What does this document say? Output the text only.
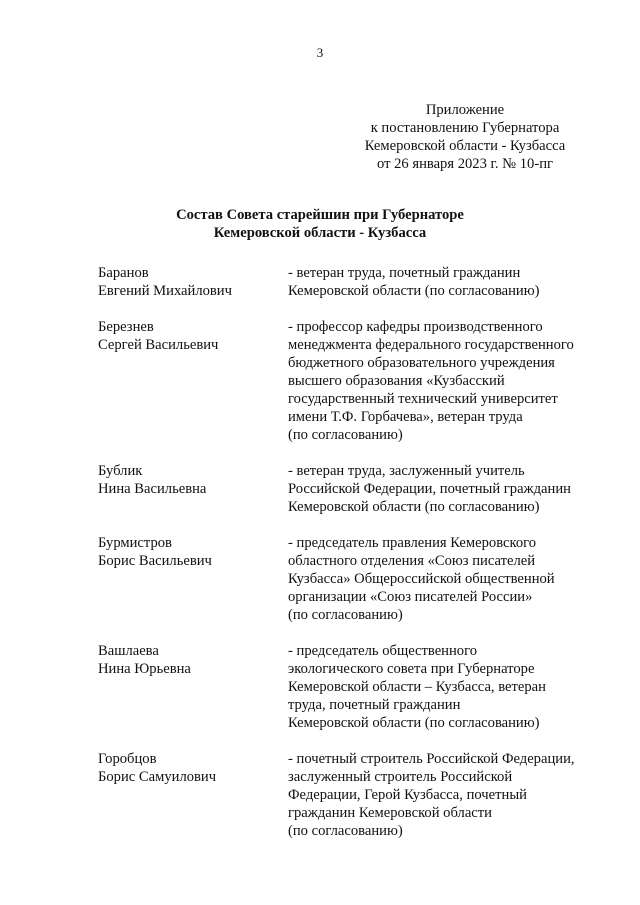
3
Приложение
к постановлению Губернатора
Кемеровской области - Кузбасса
от 26 января 2023 г. № 10-пг
Состав Совета старейшин при Губернаторе
Кемеровской области - Кузбасса
Баранов
Евгений Михайлович
- ветеран труда, почетный гражданин
Кемеровской области (по согласованию)
Березнев
Сергей Васильевич
- профессор кафедры производственного
менеджмента федерального государственного
бюджетного образовательного учреждения
высшего образования «Кузбасский
государственный технический университет
имени Т.Ф. Горбачева», ветеран труда
(по согласованию)
Бублик
Нина Васильевна
- ветеран труда, заслуженный учитель
Российской Федерации, почетный гражданин
Кемеровской области (по согласованию)
Бурмистров
Борис Васильевич
- председатель правления Кемеровского
областного отделения «Союз писателей
Кузбасса» Общероссийской общественной
организации «Союз писателей России»
(по согласованию)
Вашлаева
Нина Юрьевна
- председатель общественного
экологического совета при Губернаторе
Кемеровской области – Кузбасса, ветеран
труда, почетный гражданин
Кемеровской области (по согласованию)
Горобцов
Борис Самуилович
- почетный строитель Российской Федерации,
заслуженный строитель Российской
Федерации, Герой Кузбасса, почетный
гражданин Кемеровской области
(по согласованию)
